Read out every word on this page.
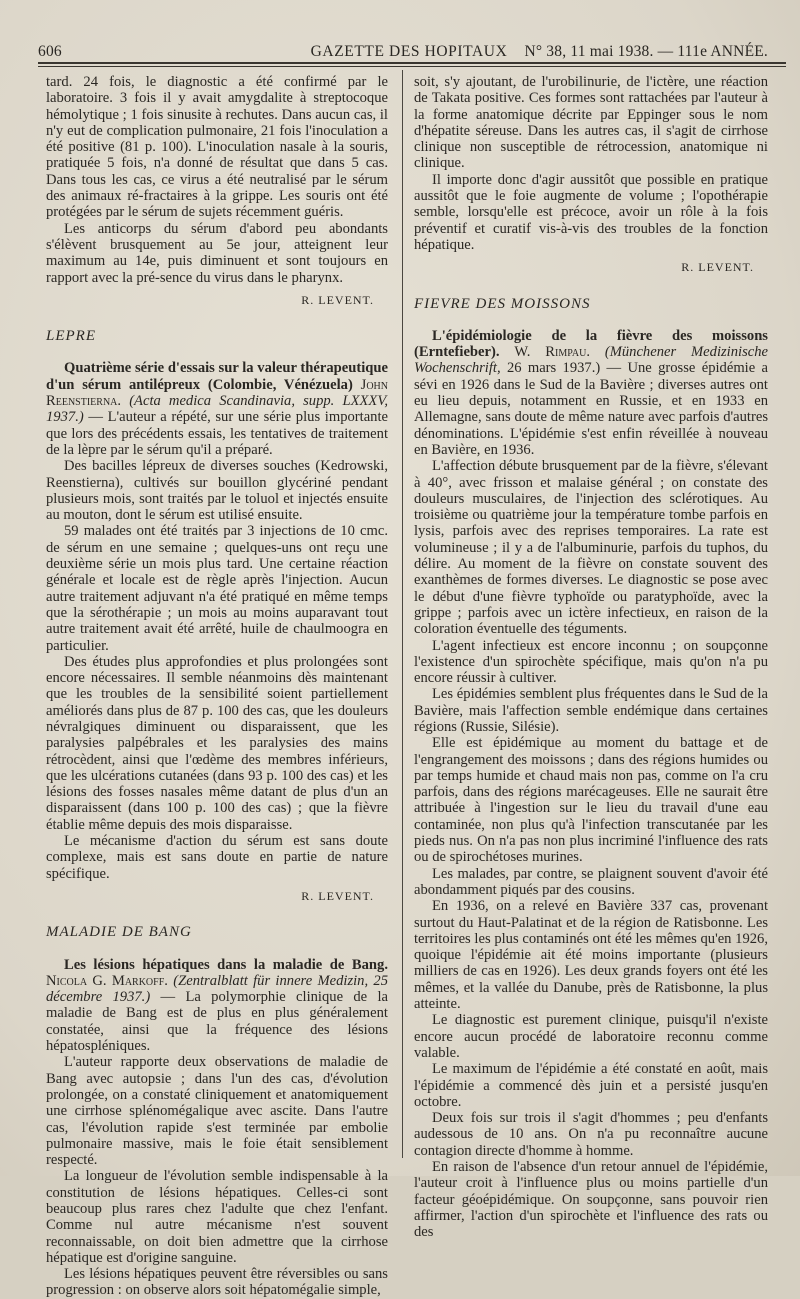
606	GAZETTE DES HOPITAUX	N° 38, 11 mai 1938. — 111e ANNÉE.

tard. 24 fois, le diagnostic a été confirmé par le laboratoire. 3 fois il y avait amygdalite à streptocoque hémolytique ; 1 fois sinusite à rechutes. Dans aucun cas, il n'y eut de complication pulmonaire, 21 fois l'inoculation a été positive (81 p. 100). L'inoculation nasale à la souris, pratiquée 5 fois, n'a donné de résultat que dans 5 cas. Dans tous les cas, ce virus a été neutralisé par le sérum des animaux ré-fractaires à la grippe. Les souris ont été protégées par le sérum de sujets récemment guéris.

Les anticorps du sérum d'abord peu abondants s'élèvent brusquement au 5e jour, atteignent leur maximum au 14e, puis diminuent et sont toujours en rapport avec la pré-sence du virus dans le pharynx.

R. LEVENT.
LEPRE

Quatrième série d'essais sur la valeur thérapeutique d'un sérum antilépreux (Colombie, Vénézuela) John Reenstierna. (Acta medica Scandinavia, supp. LXXXV, 1937.) — L'auteur a répété, sur une série plus importante que lors des précédents essais, les tentatives de traitement de la lèpre par le sérum qu'il a préparé.

Des bacilles lépreux de diverses souches (Kedrowski, Reenstierna), cultivés sur bouillon glycériné pendant plusieurs mois, sont traités par le toluol et injectés ensuite au mouton, dont le sérum est utilisé ensuite.

59 malades ont été traités par 3 injections de 10 cmc. de sérum en une semaine ; quelques-uns ont reçu une deuxième série un mois plus tard. Une certaine réaction générale et locale est de règle après l'injection. Aucun autre traitement adjuvant n'a été pratiqué en même temps que la sérothérapie ; un mois au moins auparavant tout autre traitement avait été arrêté, huile de chaulmoogra en particulier.

Des études plus approfondies et plus prolongées sont encore nécessaires. Il semble néanmoins dès maintenant que les troubles de la sensibilité soient partiellement améliorés dans plus de 87 p. 100 des cas, que les douleurs névralgiques diminuent ou disparaissent, que les paralysies palpébrales et les paralysies des mains rétrocèdent, ainsi que l'œdème des membres inférieurs, que les ulcérations cutanées (dans 93 p. 100 des cas) et les lésions des fosses nasales même datant de plus d'un an disparaissent (dans 100 p. 100 des cas) ; que la fièvre établie même depuis des mois disparaisse.

Le mécanisme d'action du sérum est sans doute complexe, mais est sans doute en partie de nature spécifique.

R. LEVENT.
MALADIE DE BANG

Les lésions hépatiques dans la maladie de Bang. Nicola G. Markoff. (Zentralblatt für innere Medizin, 25 décembre 1937.) — La polymorphie clinique de la maladie de Bang est de plus en plus généralement constatée, ainsi que la fréquence des lésions hépatospléniques.

L'auteur rapporte deux observations de maladie de Bang avec autopsie ; dans l'un des cas, d'évolution prolongée, on a constaté cliniquement et anatomiquement une cirrhose splénomégalique avec ascite. Dans l'autre cas, l'évolution rapide s'est terminée par embolie pulmonaire massive, mais le foie était sensiblement respecté.

La longueur de l'évolution semble indispensable à la constitution de lésions hépatiques. Celles-ci sont beaucoup plus rares chez l'adulte que chez l'enfant. Comme nul autre mécanisme n'est souvent reconnaissable, on doit bien admettre que la cirrhose hépatique est d'origine sanguine.

Les lésions hépatiques peuvent être réversibles ou sans progression : on observe alors soit hépatomégalie simple,

soit, s'y ajoutant, de l'urobilinurie, de l'ictère, une réaction de Takata positive. Ces formes sont rattachées par l'auteur à la forme anatomique décrite par Eppinger sous le nom d'hépatite séreuse. Dans les autres cas, il s'agit de cirrhose clinique non susceptible de rétrocession, anatomique ni clinique.

Il importe donc d'agir aussitôt que possible en pratique aussitôt que le foie augmente de volume ; l'opothérapie semble, lorsqu'elle est précoce, avoir un rôle à la fois préventif et curatif vis-à-vis des troubles de la fonction hépatique.

R. LEVENT.
FIEVRE DES MOISSONS

L'épidémiologie de la fièvre des moissons (Erntefieber). W. Rimpau. (Münchener Medizinische Wochenschrift, 26 mars 1937.) — Une grosse épidémie a sévi en 1926 dans le Sud de la Bavière ; diverses autres ont eu lieu depuis, notamment en Russie, et en 1933 en Allemagne, sans doute de même nature avec parfois d'autres dénominations. L'épidémie s'est enfin réveillée à nouveau en Bavière, en 1936.

L'affection débute brusquement par de la fièvre, s'élevant à 40°, avec frisson et malaise général ; on constate des douleurs musculaires, de l'injection des sclérotiques. Au troisième ou quatrième jour la température tombe parfois en lysis, parfois avec des reprises temporaires. La rate est volumineuse ; il y a de l'albuminurie, parfois du tuphos, du délire. Au moment de la fièvre on constate souvent des exanthèmes de formes diverses. Le diagnostic se pose avec le début d'une fièvre typhoïde ou paratyphoïde, avec la grippe ; parfois avec un ictère infectieux, en raison de la coloration éventuelle des téguments.

L'agent infectieux est encore inconnu ; on soupçonne l'existence d'un spirochète spécifique, mais qu'on n'a pu encore réussir à cultiver.

Les épidémies semblent plus fréquentes dans le Sud de la Bavière, mais l'affection semble endémique dans certaines régions (Russie, Silésie).

Elle est épidémique au moment du battage et de l'engrangement des moissons ; dans des régions humides ou par temps humide et chaud mais non pas, comme on l'a cru parfois, dans des régions marécageuses. Elle ne saurait être attribuée à l'ingestion sur le lieu du travail d'une eau contaminée, non plus qu'à l'infection transcutanée par les pieds nus. On n'a pas non plus incriminé l'influence des rats ou de spirochétoses murines.

Les malades, par contre, se plaignent souvent d'avoir été abondamment piqués par des cousins.

En 1936, on a relevé en Bavière 337 cas, provenant surtout du Haut-Palatinat et de la région de Ratisbonne. Les territoires les plus contaminés ont été les mêmes qu'en 1926, quoique l'épidémie ait été moins importante (plusieurs milliers de cas en 1926). Les deux grands foyers ont été les mêmes, et la vallée du Danube, près de Ratisbonne, la plus atteinte.

Le diagnostic est purement clinique, puisqu'il n'existe encore aucun procédé de laboratoire reconnu comme valable.

Le maximum de l'épidémie a été constaté en août, mais l'épidémie a commencé dès juin et a persisté jusqu'en octobre.

Deux fois sur trois il s'agit d'hommes ; peu d'enfants audessous de 10 ans. On n'a pu reconnaître aucune contagion directe d'homme à homme.

En raison de l'absence d'un retour annuel de l'épidémie, l'auteur croit à l'influence plus ou moins partielle d'un facteur géoépidémique. On soupçonne, sans pouvoir rien affirmer, l'action d'un spirochète et l'influence des rats ou des
